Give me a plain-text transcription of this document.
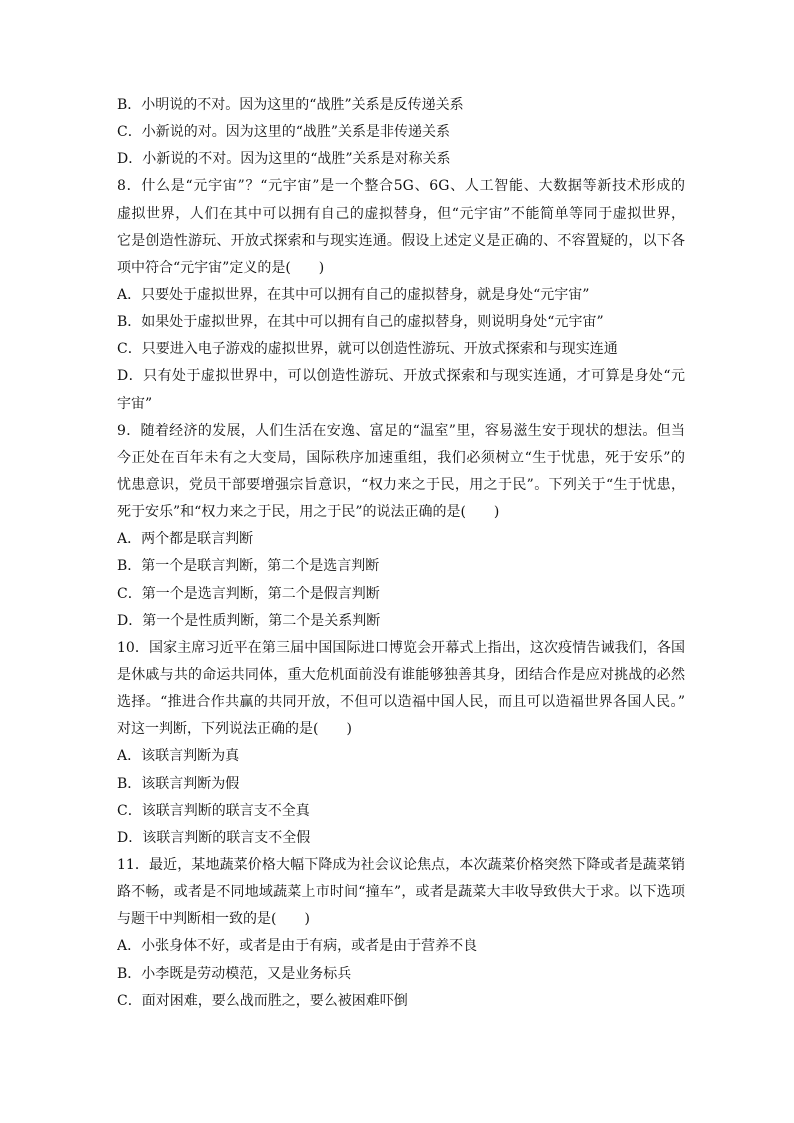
B．小明说的不对。因为这里的“战胜”关系是反传递关系
C．小新说的对。因为这里的“战胜”关系是非传递关系
D．小新说的不对。因为这里的“战胜”关系是对称关系
8．什么是“元宇宙”？“元宇宙”是一个整合5G、6G、人工智能、大数据等新技术形成的
虚拟世界，人们在其中可以拥有自己的虚拟替身，但“元宇宙”不能简单等同于虚拟世界，
它是创造性游玩、开放式探索和与现实连通。假设上述定义是正确的、不容置疑的，以下各
项中符合“元宇宙”定义的是(　　)
A．只要处于虚拟世界，在其中可以拥有自己的虚拟替身，就是身处“元宇宙”
B．如果处于虚拟世界，在其中可以拥有自己的虚拟替身，则说明身处“元宇宙”
C．只要进入电子游戏的虚拟世界，就可以创造性游玩、开放式探索和与现实连通
D．只有处于虚拟世界中，可以创造性游玩、开放式探索和与现实连通，才可算是身处“元
宇宙”
9．随着经济的发展，人们生活在安逸、富足的“温室”里，容易滋生安于现状的想法。但当
今正处在百年未有之大变局，国际秩序加速重组，我们必须树立“生于忧患，死于安乐”的
忧患意识，党员干部要增强宗旨意识，“权力来之于民，用之于民”。下列关于“生于忧患，
死于安乐”和“权力来之于民，用之于民”的说法正确的是(　　)
A．两个都是联言判断
B．第一个是联言判断，第二个是选言判断
C．第一个是选言判断，第二个是假言判断
D．第一个是性质判断，第二个是关系判断
10．国家主席习近平在第三届中国国际进口博览会开幕式上指出，这次疫情告诫我们，各国
是休戚与共的命运共同体，重大危机面前没有谁能够独善其身，团结合作是应对挑战的必然
选择。“推进合作共赢的共同开放，不但可以造福中国人民，而且可以造福世界各国人民。”
对这一判断，下列说法正确的是(　　)
A．该联言判断为真
B．该联言判断为假
C．该联言判断的联言支不全真
D．该联言判断的联言支不全假
11．最近，某地蔬菜价格大幅下降成为社会议论焦点，本次蔬菜价格突然下降或者是蔬菜销
路不畅，或者是不同地域蔬菜上市时间“撞车”，或者是蔬菜大丰收导致供大于求。以下选项
与题干中判断相一致的是(　　)
A．小张身体不好，或者是由于有病，或者是由于营养不良
B．小李既是劳动模范，又是业务标兵
C．面对困难，要么战而胜之，要么被困难吓倒
